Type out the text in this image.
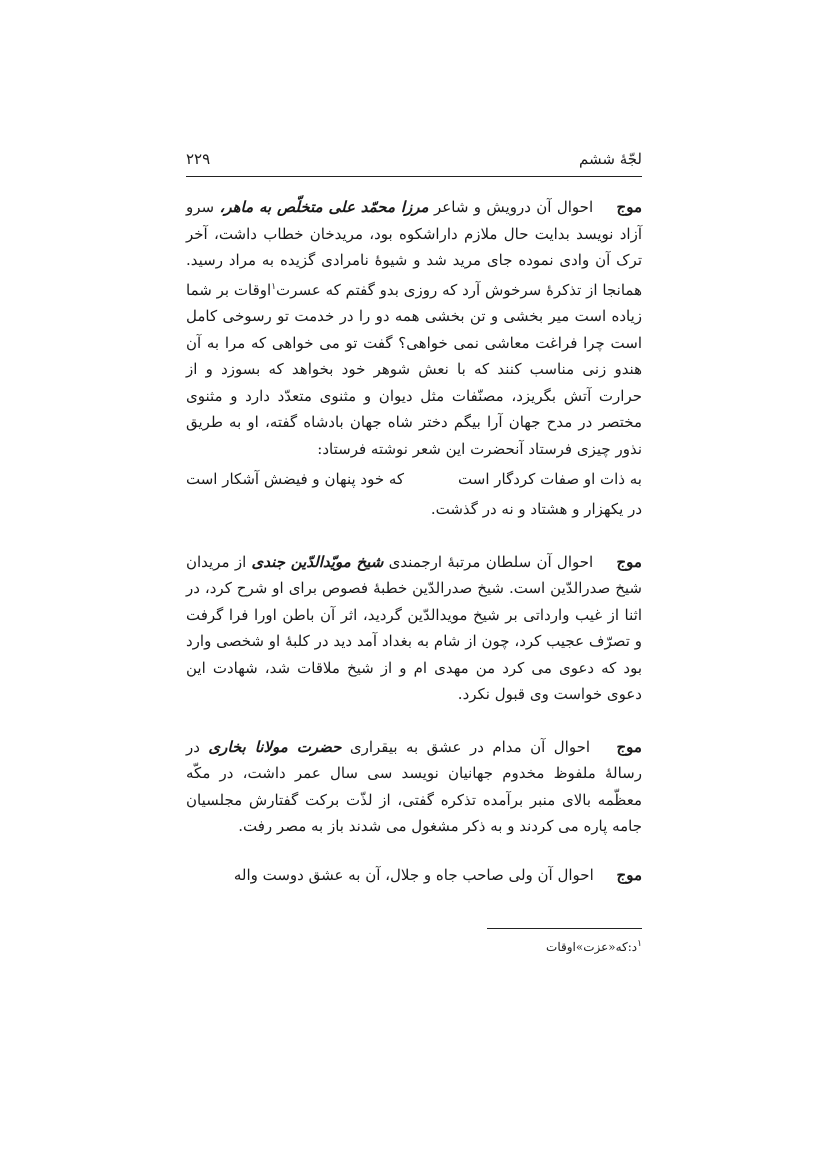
لجّهٔ ششم
۲۲۹

موج احوال آن درویش و شاعر مرزا محمّد علی متخلّص به ماهر، سرو آزاد نویسد بدایت حال ملازم داراشکوه بود، مریدخان خطاب داشت، آخر ترک آن وادی نموده جای مرید شد و شیوهٔ نامرادی گزیده به مراد رسید. همانجا از تذکرهٔ سرخوش آرد که روزی بدو گفتم که عسرت$^۱$اوقات بر شما زیاده است میر بخشی و تن بخشی همه دو را در خدمت تو رسوخی کامل است چرا فراغت معاشی نمی خواهی؟ گفت تو می خواهی که مرا به آن هندو زنی مناسب کنند که با نعش شوهر خود بخواهد که بسوزد و از حرارت آتش بگریزد، مصنّفات مثل دیوان و مثنوی متعدّد دارد و مثنوی مختصر در مدح جهان آرا بیگم دختر شاه جهان بادشاه گفته، او به طریق نذور چیزی فرستاد آنحضرت این شعر نوشته فرستاد:

به ذات او صفات کردگار است
که خود پنهان و فیضش آشکار است

در یکهزار و هشتاد و نه در گذشت.

موج احوال آن سلطان مرتبهٔ ارجمندی شیخ مویّدالدّین جندی از مریدان شیخ صدرالدّین است. شیخ صدرالدّین خطبهٔ فصوص برای او شرح کرد، در اثنا از غیب وارداتی بر شیخ مویدالدّین گردید، اثر آن باطن اورا فرا گرفت و تصرّف عجیب کرد، چون از شام به بغداد آمد دید در کلبهٔ او شخصی وارد بود که دعوی می کرد من مهدی ام و از شیخ ملاقات شد، شهادت این دعوی خواست وی قبول نکرد.

موج احوال آن مدام در عشق به بیقراری حضرت مولانا بخاری در رسالهٔ ملفوظ مخدوم جهانیان نویسد سی سال عمر داشت، در مکّه معظّمه بالای منبر برآمده تذکره گفتی، از لذّت برکت گفتارش مجلسیان جامه پاره می کردند و به ذکر مشغول می شدند باز به مصر رفت.

موج احوال آن ولی صاحب جاه و جلال، آن به عشق دوست واله

$^۱$د:که«عزت»اوقات
